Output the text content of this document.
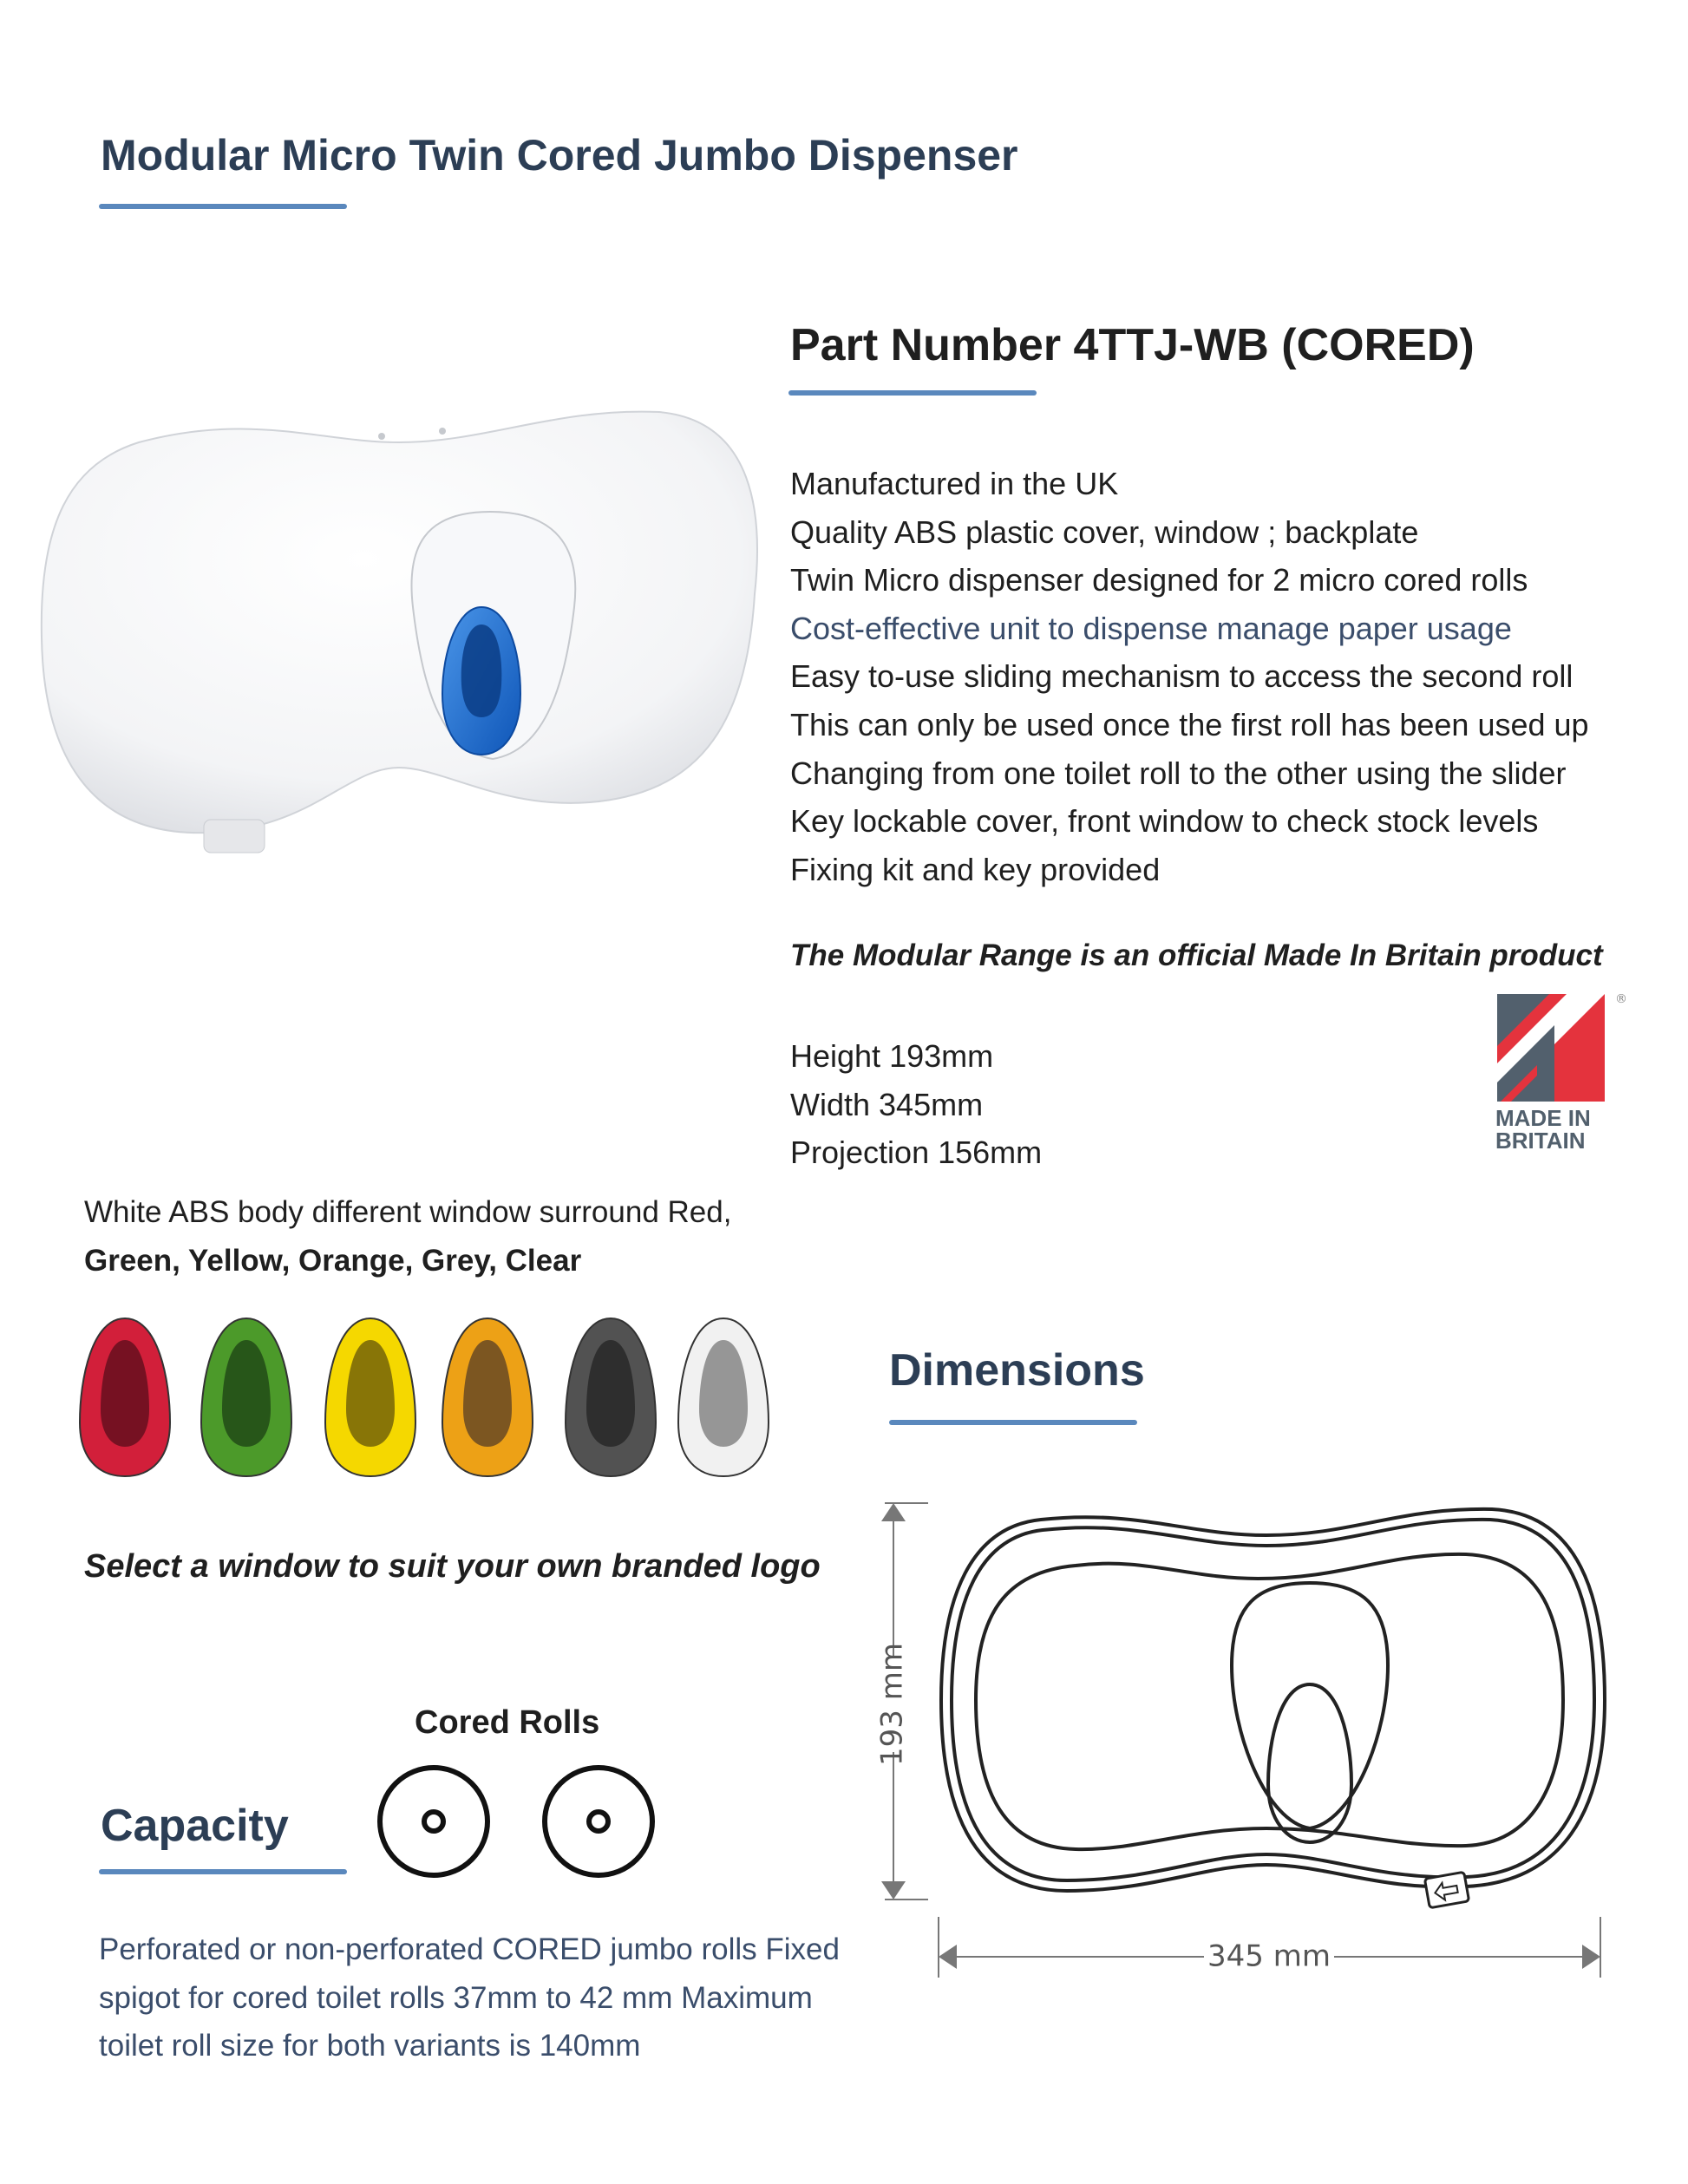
Modular Micro Twin Cored Jumbo Dispenser
Part Number 4TTJ-WB (CORED)
Manufactured in the UK
Quality ABS plastic cover, window ; backplate
Twin Micro dispenser designed for 2 micro cored rolls
Cost-effective unit to dispense manage paper usage
Easy to-use sliding mechanism to access the second roll
This can only be used once the first roll has been used up
Changing from one toilet roll to the other using the slider
Key lockable cover, front window to check stock levels
Fixing kit and key provided
The Modular Range is an official Made In Britain product
Height 193mm
Width 345mm
Projection 156mm
®
MADE IN
BRITAIN
White ABS body different window surround Red,
Green, Yellow, Orange, Grey, Clear
Select a window to suit your own branded logo
Cored Rolls
Capacity
Perforated or non-perforated CORED jumbo rolls Fixed spigot for cored toilet rolls 37mm to 42 mm Maximum toilet roll size for both variants is 140mm
Dimensions
193 mm
345 mm
